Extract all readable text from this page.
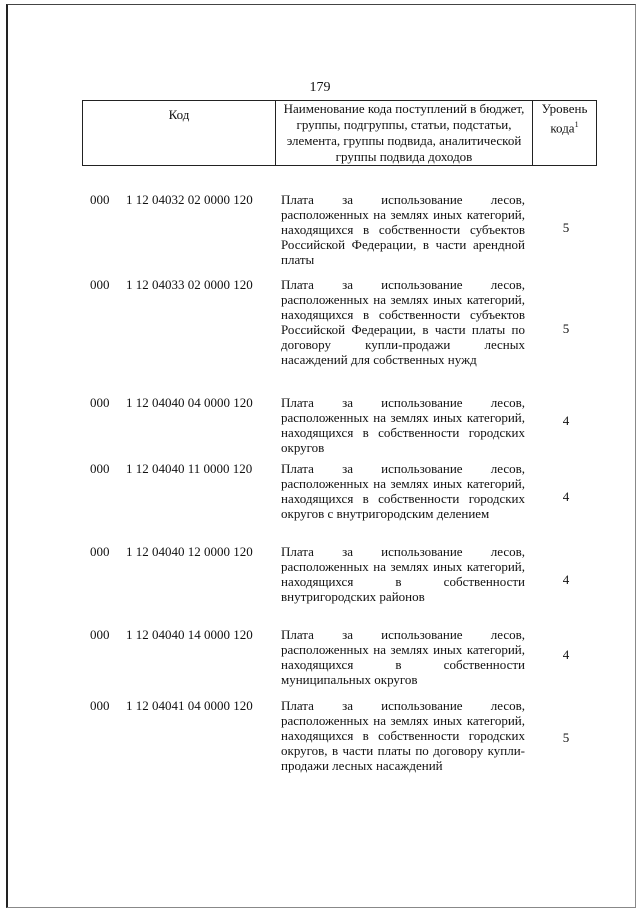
179
Код	Наименование кода поступлений в бюджет, группы, подгруппы, статьи, подстатьи, элемента, группы подвида, аналитической группы подвида доходов
Уровень кода$^1$
000	1 12 04032 02 0000 120 Плата за использование лесов, расположенных на землях иных категорий, находящихся в собственности субъектов Российской Федерации, в части арендной платы
5
000	1 12 04033 02 0000 120 Плата за использование лесов, расположенных на землях иных категорий, находящихся в собственности субъектов Российской Федерации, в части платы по договору купли-продажи лесных насаждений для собственных нужд
5
000	1 12 04040 04 0000 120 Плата за использование лесов, расположенных на землях иных категорий, находящихся в собственности городских округов
4
000	1 12 04040 11 0000 120 Плата за использование лесов, расположенных на землях иных категорий, находящихся в собственности городских округов с внутригородским делением
4
000	1 12 04040 12 0000 120 Плата за использование лесов, расположенных на землях иных категорий, находящихся в собственности внутригородских районов
4
000	1 12 04040 14 0000 120 Плата за использование лесов, расположенных на землях иных категорий, находящихся в собственности муниципальных округов
4
000	1 12 04041 04 0000 120 Плата за использование лесов, расположенных на землях иных категорий, находящихся в собственности городских округов, в части платы по договору купли-продажи лесных насаждений
5
